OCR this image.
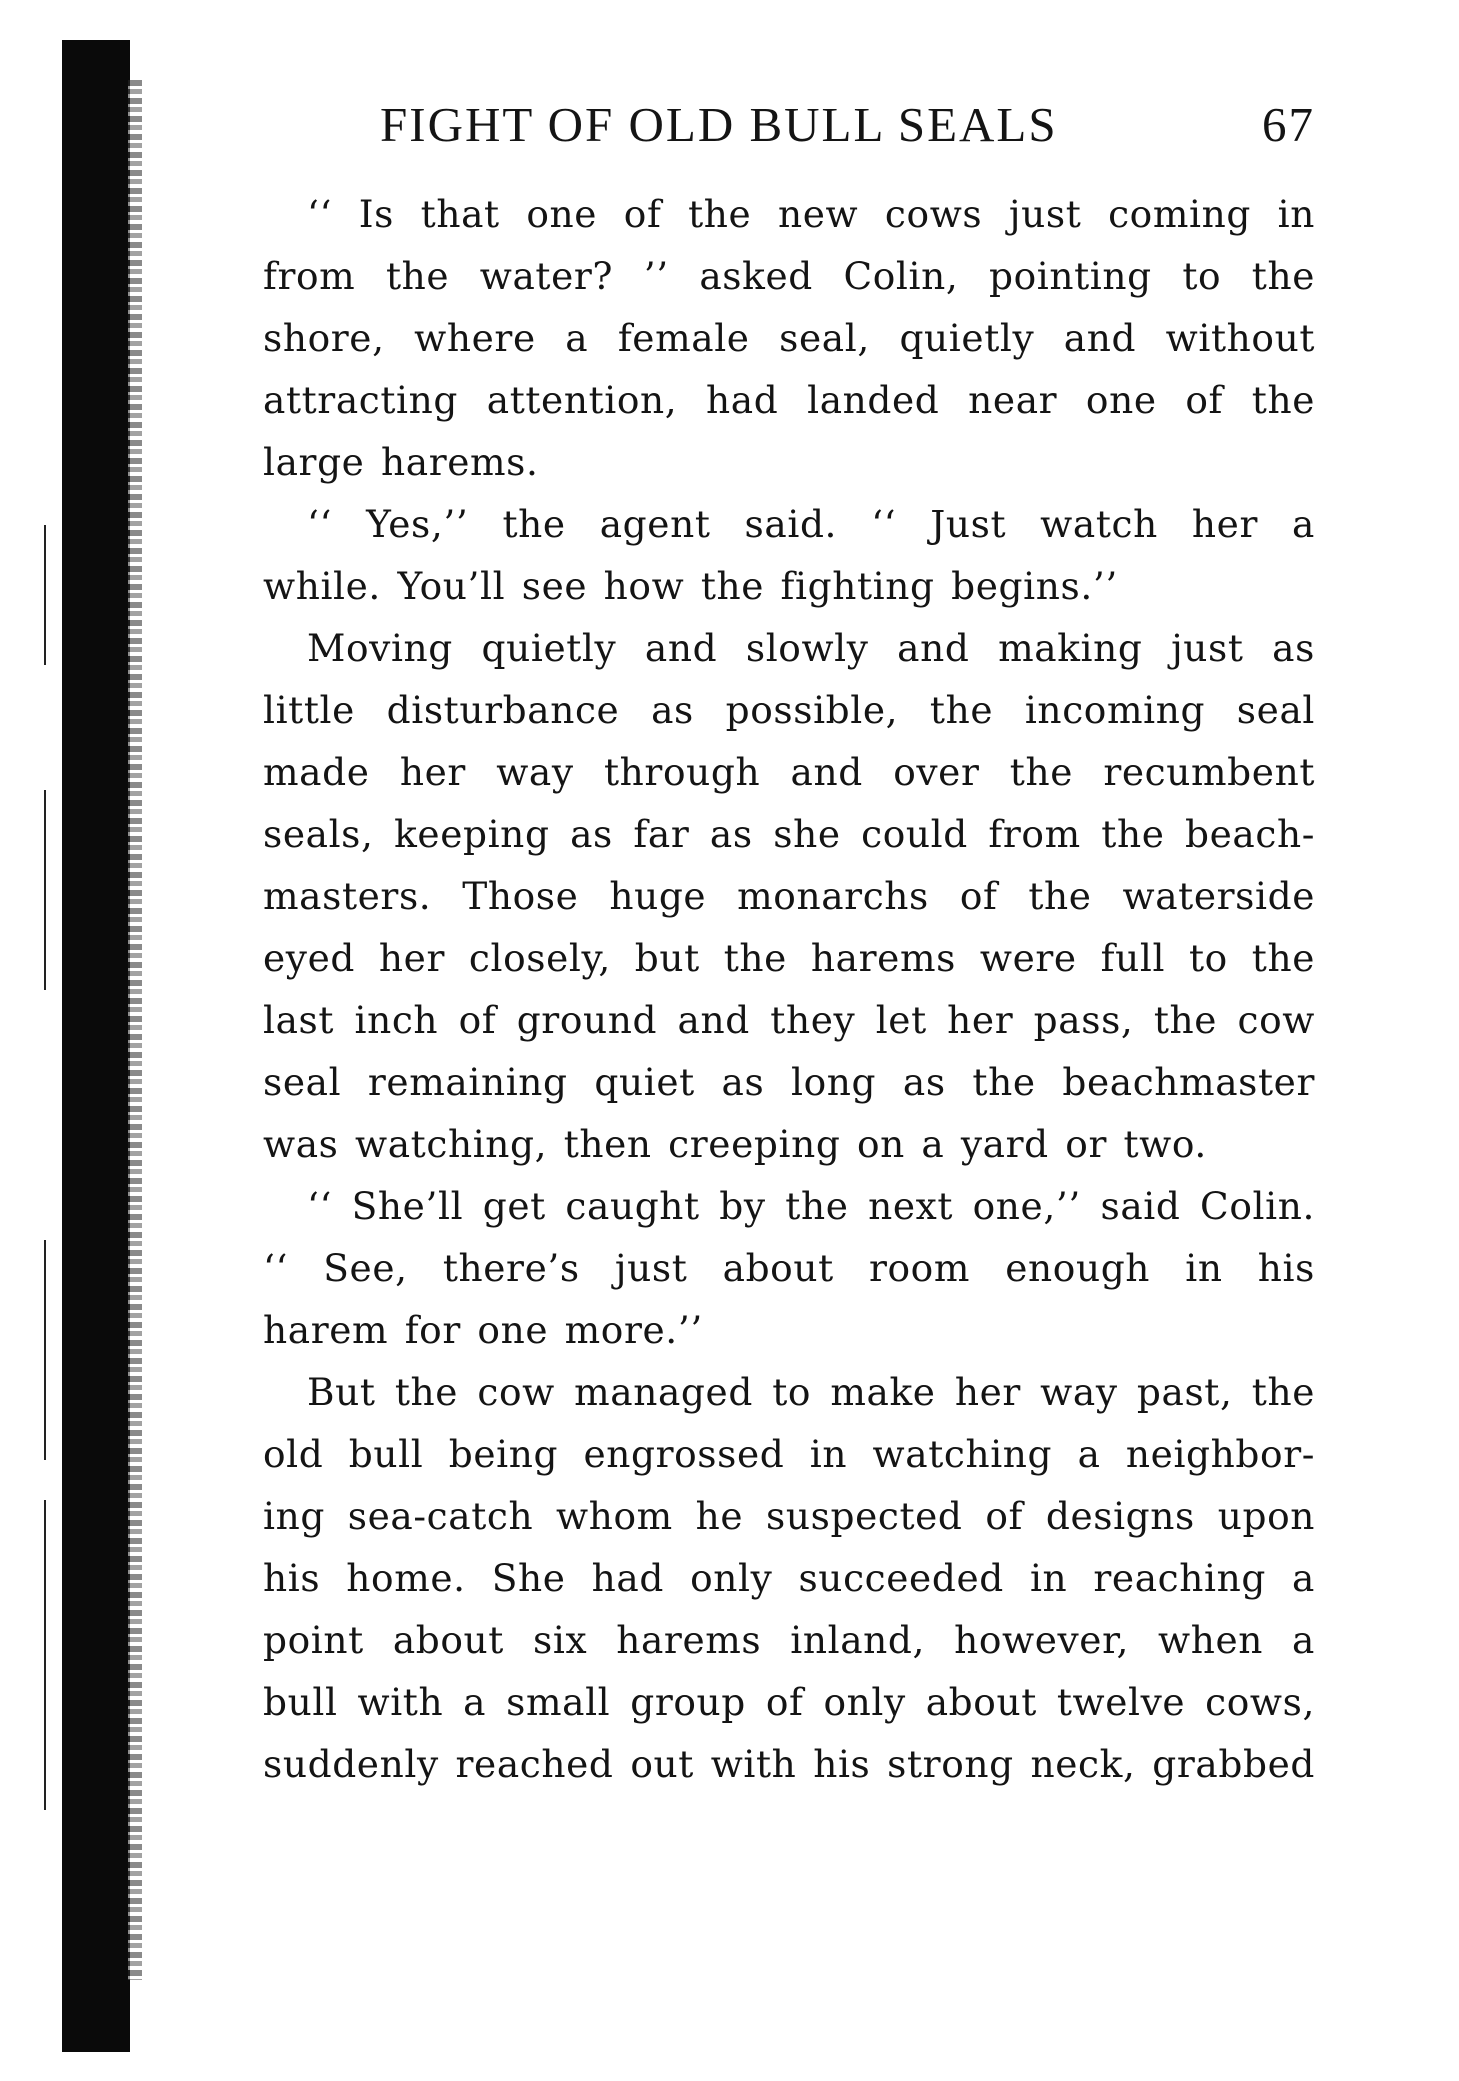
FIGHT OF OLD BULL SEALS	67
‘‘ Is that one of the new cows just coming in
from the water? ’’ asked Colin, pointing to the
shore, where a female seal, quietly and without
attracting attention, had landed near one of the
large harems.
‘‘ Yes,’’ the agent said. ‘‘ Just watch her a
while. You’ll see how the fighting begins.’’
Moving quietly and slowly and making just as
little disturbance as possible, the incoming seal
made her way through and over the recumbent
seals, keeping as far as she could from the beach-
masters. Those huge monarchs of the waterside
eyed her closely, but the harems were full to the
last inch of ground and they let her pass, the cow
seal remaining quiet as long as the beachmaster
was watching, then creeping on a yard or two.
‘‘ She’ll get caught by the next one,’’ said Colin.
‘‘ See, there’s just about room enough in his
harem for one more.’’
But the cow managed to make her way past, the
old bull being engrossed in watching a neighbor-
ing sea-catch whom he suspected of designs upon
his home. She had only succeeded in reaching a
point about six harems inland, however, when a
bull with a small group of only about twelve cows,
suddenly reached out with his strong neck, grabbed
